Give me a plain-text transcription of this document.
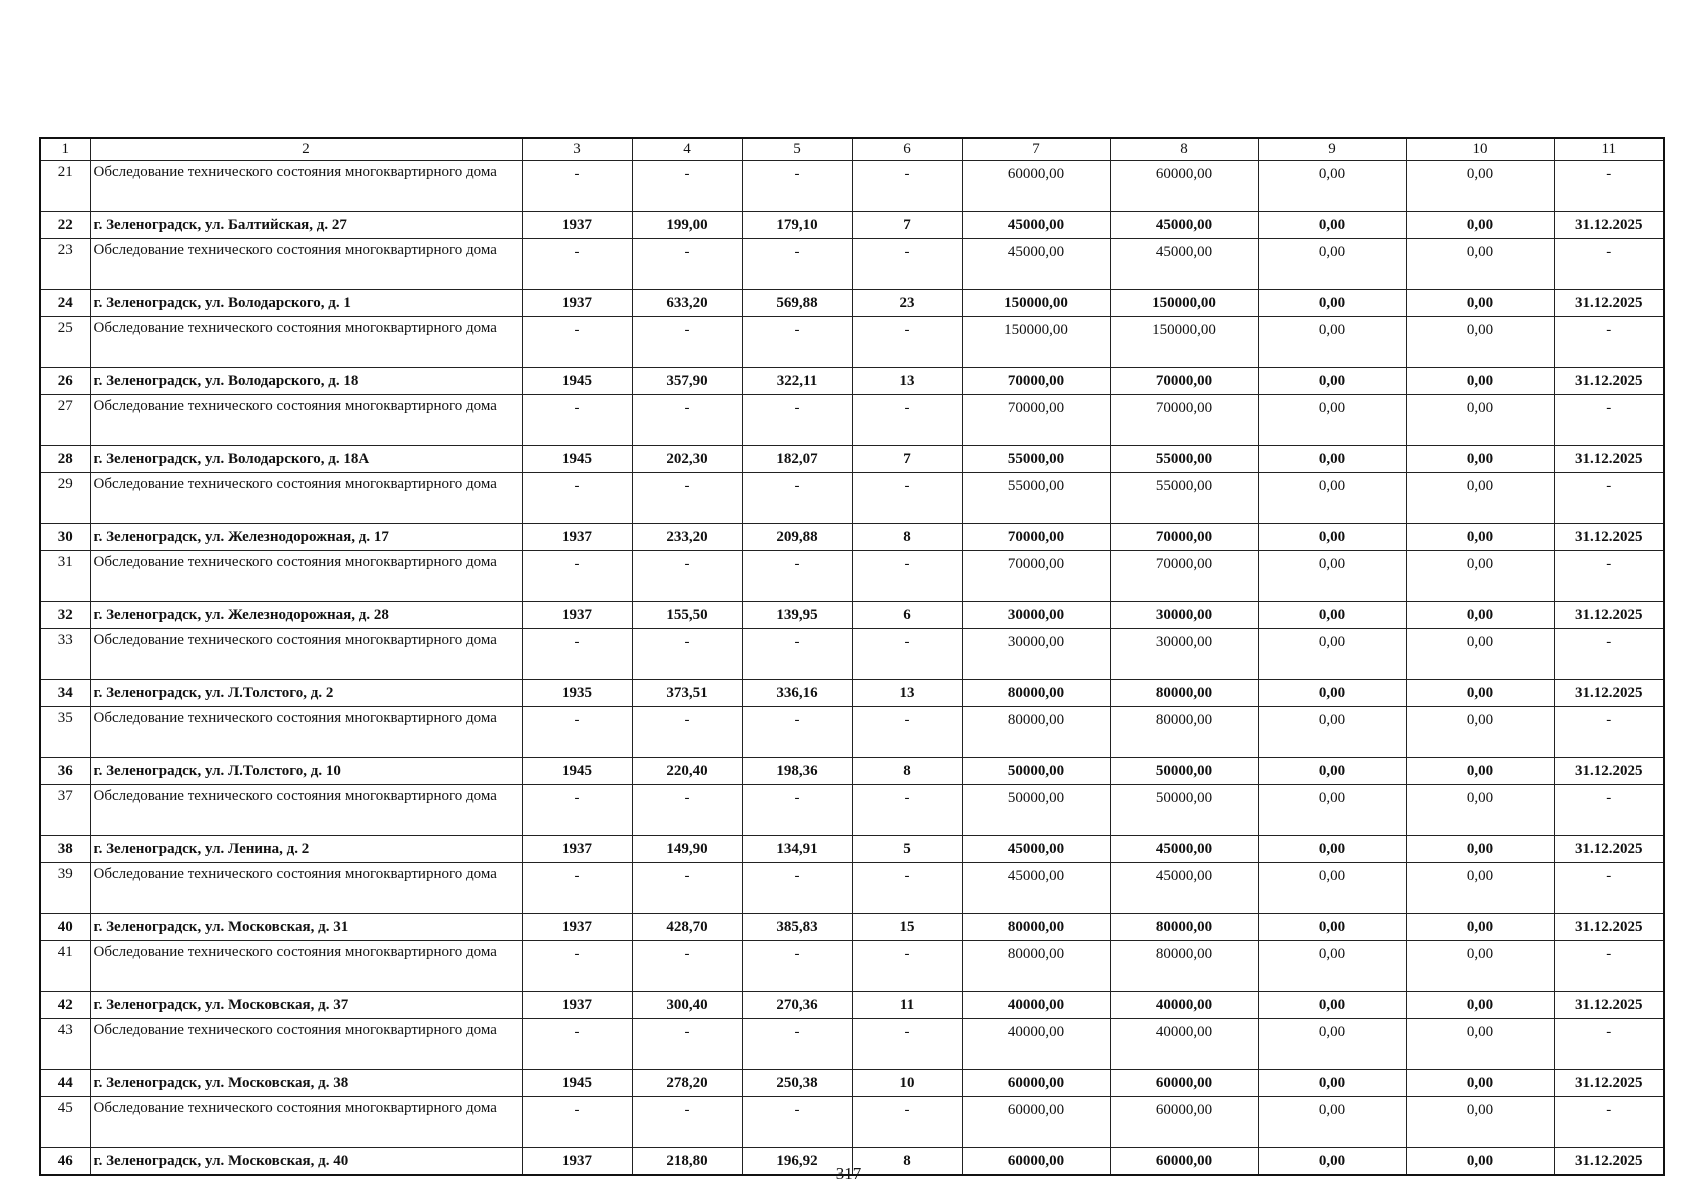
1	2	3	4	5	6	7	8	9	10	11
21	Обследование технического состояния многоквартирного дома	-	-	-	-	60000,00	60000,00	0,00	0,00	-
22	г. Зеленоградск, ул. Балтийская, д. 27	1937	199,00	179,10	7	45000,00	45000,00	0,00	0,00	31.12.2025
23	Обследование технического состояния многоквартирного дома	-	-	-	-	45000,00	45000,00	0,00	0,00	-
24	г. Зеленоградск, ул. Володарского, д. 1	1937	633,20	569,88	23	150000,00	150000,00	0,00	0,00	31.12.2025
25	Обследование технического состояния многоквартирного дома	-	-	-	-	150000,00	150000,00	0,00	0,00	-
26	г. Зеленоградск, ул. Володарского, д. 18	1945	357,90	322,11	13	70000,00	70000,00	0,00	0,00	31.12.2025
27	Обследование технического состояния многоквартирного дома	-	-	-	-	70000,00	70000,00	0,00	0,00	-
28	г. Зеленоградск, ул. Володарского, д. 18А	1945	202,30	182,07	7	55000,00	55000,00	0,00	0,00	31.12.2025
29	Обследование технического состояния многоквартирного дома	-	-	-	-	55000,00	55000,00	0,00	0,00	-
30	г. Зеленоградск, ул. Железнодорожная, д. 17	1937	233,20	209,88	8	70000,00	70000,00	0,00	0,00	31.12.2025
31	Обследование технического состояния многоквартирного дома	-	-	-	-	70000,00	70000,00	0,00	0,00	-
32	г. Зеленоградск, ул. Железнодорожная, д. 28	1937	155,50	139,95	6	30000,00	30000,00	0,00	0,00	31.12.2025
33	Обследование технического состояния многоквартирного дома	-	-	-	-	30000,00	30000,00	0,00	0,00	-
34	г. Зеленоградск, ул. Л.Толстого, д. 2	1935	373,51	336,16	13	80000,00	80000,00	0,00	0,00	31.12.2025
35	Обследование технического состояния многоквартирного дома	-	-	-	-	80000,00	80000,00	0,00	0,00	-
36	г. Зеленоградск, ул. Л.Толстого, д. 10	1945	220,40	198,36	8	50000,00	50000,00	0,00	0,00	31.12.2025
37	Обследование технического состояния многоквартирного дома	-	-	-	-	50000,00	50000,00	0,00	0,00	-
38	г. Зеленоградск, ул. Ленина, д. 2	1937	149,90	134,91	5	45000,00	45000,00	0,00	0,00	31.12.2025
39	Обследование технического состояния многоквартирного дома	-	-	-	-	45000,00	45000,00	0,00	0,00	-
40	г. Зеленоградск, ул. Московская, д. 31	1937	428,70	385,83	15	80000,00	80000,00	0,00	0,00	31.12.2025
41	Обследование технического состояния многоквартирного дома	-	-	-	-	80000,00	80000,00	0,00	0,00	-
42	г. Зеленоградск, ул. Московская, д. 37	1937	300,40	270,36	11	40000,00	40000,00	0,00	0,00	31.12.2025
43	Обследование технического состояния многоквартирного дома	-	-	-	-	40000,00	40000,00	0,00	0,00	-
44	г. Зеленоградск, ул. Московская, д. 38	1945	278,20	250,38	10	60000,00	60000,00	0,00	0,00	31.12.2025
45	Обследование технического состояния многоквартирного дома	-	-	-	-	60000,00	60000,00	0,00	0,00	-
46	г. Зеленоградск, ул. Московская, д. 40	1937	218,80	196,92	8	60000,00	60000,00	0,00	0,00	31.12.2025
317
